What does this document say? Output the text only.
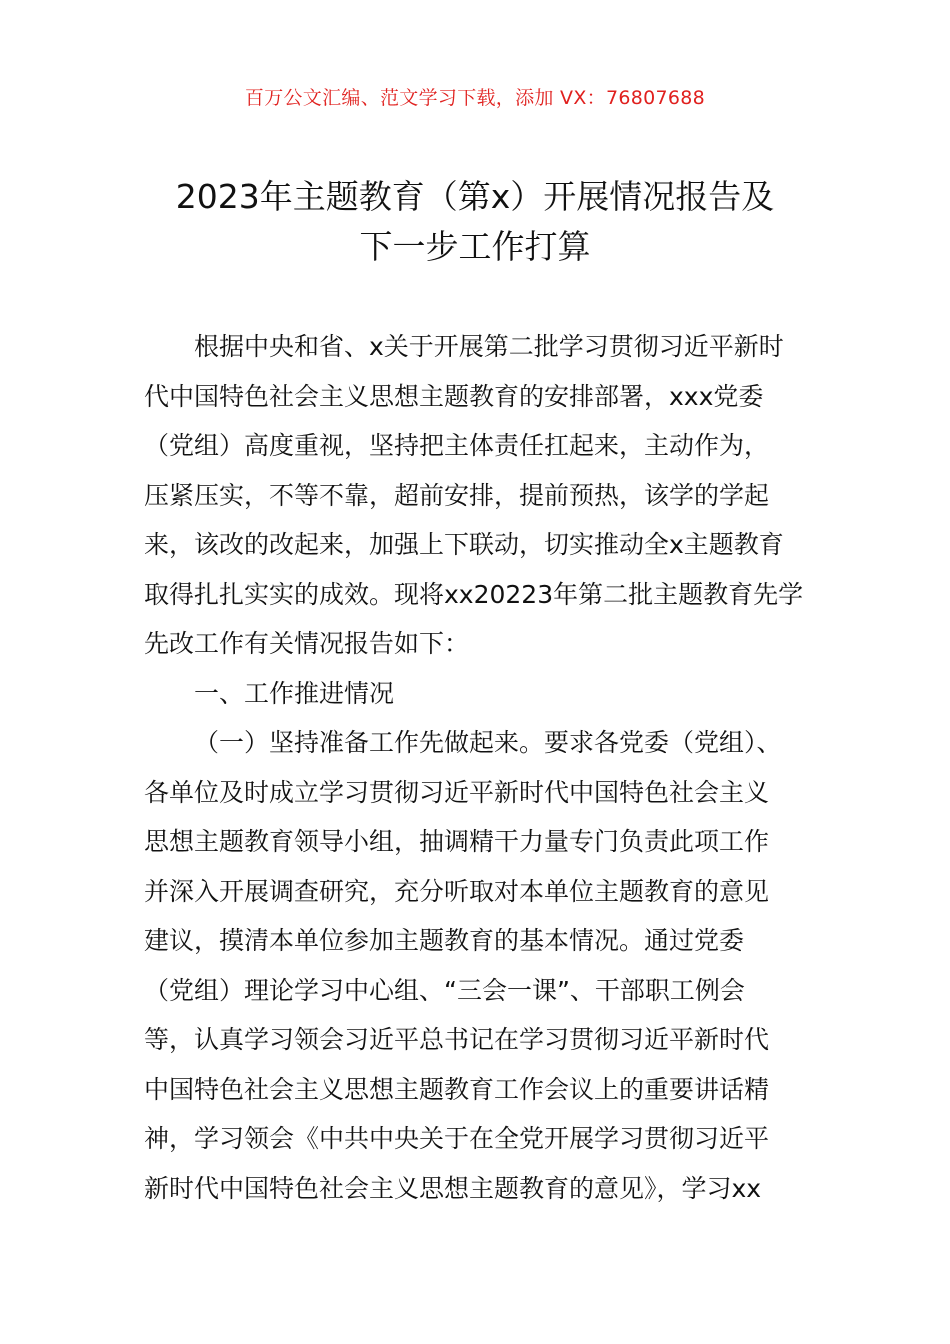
百万公文汇编、范文学习下载，添加 VX：76807688
2023年主题教育（第x）开展情况报告及
下一步工作打算
根据中央和省、x关于开展第二批学习贯彻习近平新时
代中国特色社会主义思想主题教育的安排部署，xxx党委
（党组）高度重视，坚持把主体责任扛起来，主动作为，
压紧压实，不等不靠，超前安排，提前预热，该学的学起
来，该改的改起来，加强上下联动，切实推动全x主题教育
取得扎扎实实的成效。现将xx20223年第二批主题教育先学
先改工作有关情况报告如下：
一、工作推进情况
（一）坚持准备工作先做起来。要求各党委（党组）、
各单位及时成立学习贯彻习近平新时代中国特色社会主义
思想主题教育领导小组，抽调精干力量专门负责此项工作
并深入开展调查研究，充分听取对本单位主题教育的意见
建议，摸清本单位参加主题教育的基本情况。通过党委
（党组）理论学习中心组、“三会一课”、干部职工例会
等，认真学习领会习近平总书记在学习贯彻习近平新时代
中国特色社会主义思想主题教育工作会议上的重要讲话精
神，学习领会《中共中央关于在全党开展学习贯彻习近平
新时代中国特色社会主义思想主题教育的意见》，学习xx
